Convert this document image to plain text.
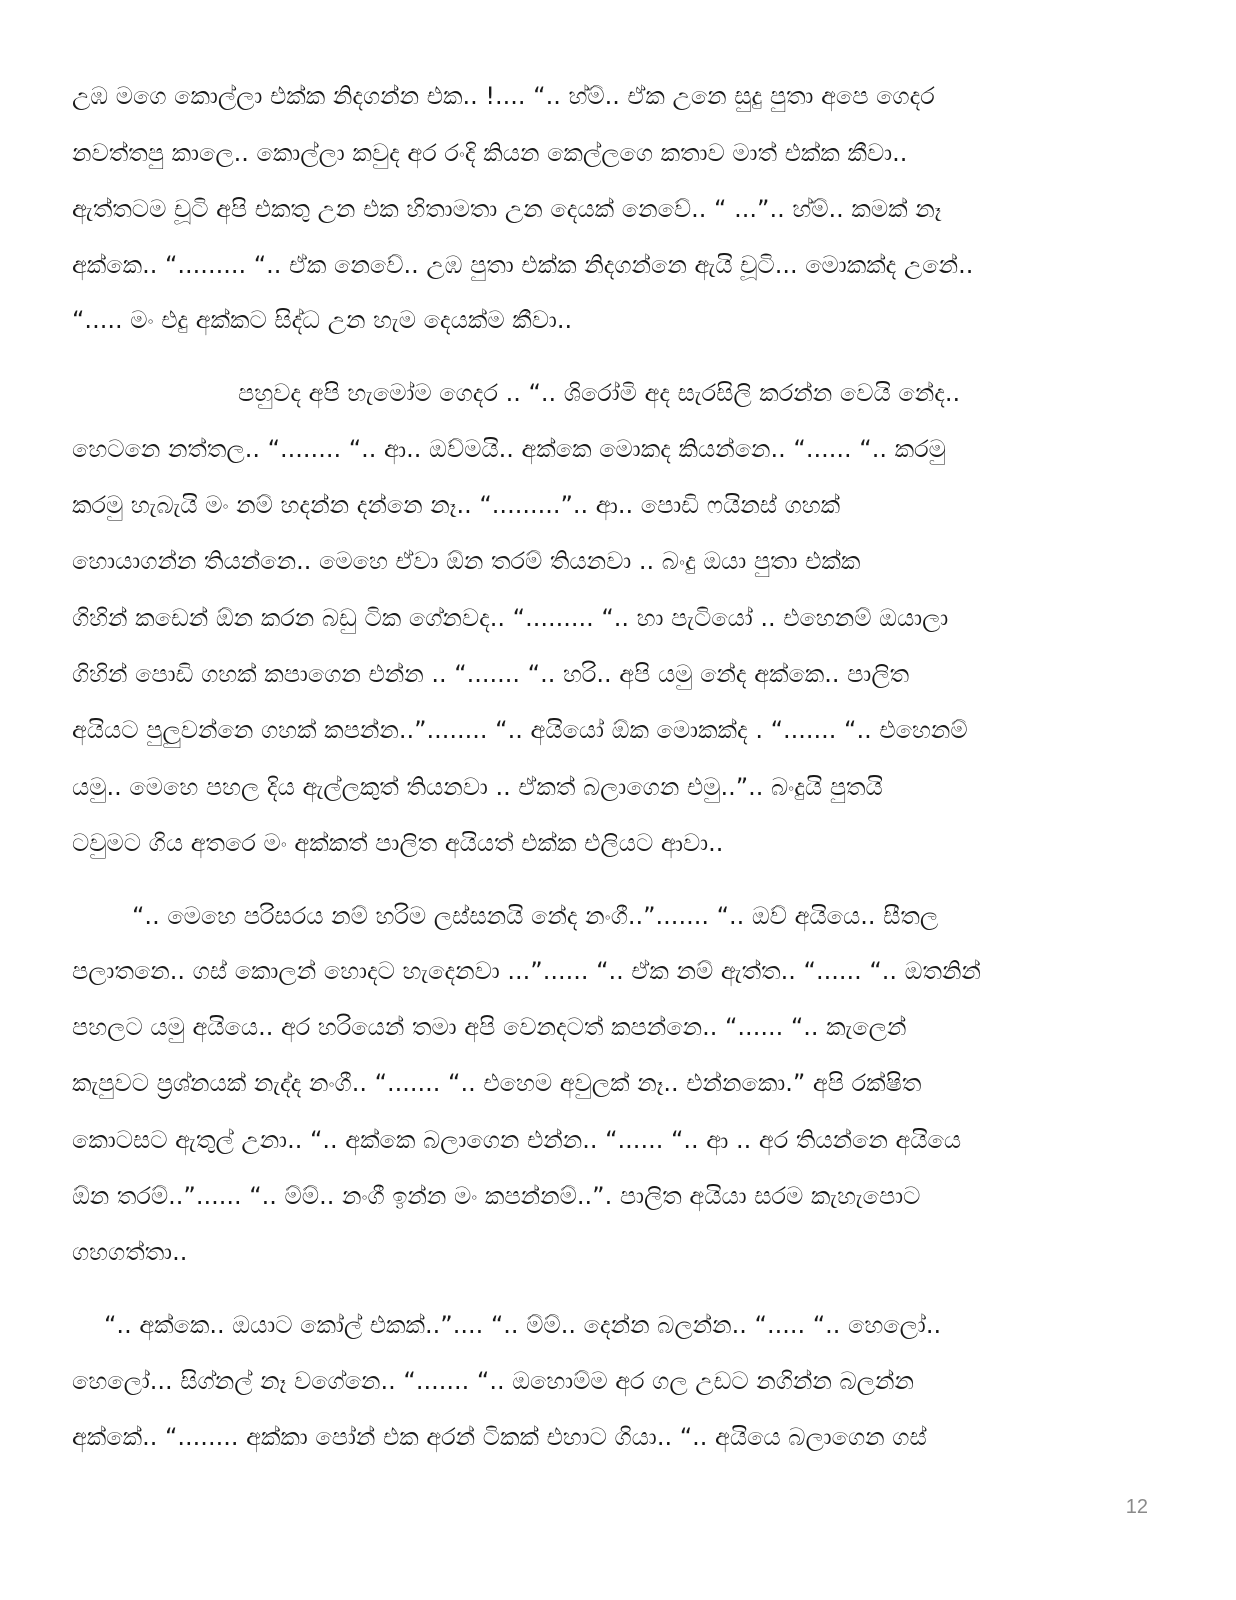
උඹ මගෙ කොල්ලා එක්ක නිදගන්න එක.. !.... “.. හ්ම්.. ඒක උනෙ සුදු පුතා අපෙ ගෙදර
නවත්තපු කාලෙ.. කොල්ලා කවුද අර රංදි කියන කෙල්ලගෙ කතාව මාත් එක්ක කීවා..
ඇත්තටම චූටි අපි එකතු උන එක හිතාමතා උන දෙයක් නෙවේ.. “ ...”.. හ්ම්.. කමක් නෑ
අක්කෙ.. “......... “.. ඒක නෙවේ.. උඹ පුතා එක්ක නිදගන්නෙ ඇයි චූටි... මොකක්ද උනේ..
“..... මං එදු අක්කට සිද්ධ උන හැම දෙයක්ම කීවා..
පහුවද අපි හැමෝම ගෙදර .. “.. ශිරෝමි අද සැරසිලි කරන්න වෙයි නේද..
හෙටනෙ නත්තල.. “........ “.. ආ.. ඔව්මයි.. අක්කෙ මොකද කියන්නෙ.. “...... “.. කරමු
කරමු හැබැයි මං නම් හදන්න දන්නෙ නෑ.. “.........”.. ආ.. පොඩි ෆයිනස් ගහක්
හොයාගන්න තියන්නෙ.. මෙහෙ ඒවා ඕන තරම් තියනවා .. බංදු ඔයා පුතා එක්ක
ගිහින් කඩෙන් ඕන කරන බඩු ටික ගේනවද.. “......... “.. හා පැටියෝ .. එහෙනම් ඔයාලා
ගිහින් පොඩි ගහක් කපාගෙන එන්න .. “....... “.. හරි.. අපි යමු නේද අක්කෙ.. පාලිත
අයියට පුලුවන්නෙ ගහක් කපන්න..”........ “.. අයියෝ ඕක මොකක්ද . “....... “.. එහෙනම්
යමු.. මෙහෙ පහල දිය ඇල්ලකුත් තියනවා .. ඒකත් බලාගෙන එමු..”.. බංදුයි පුතයි
ටවුමට ගිය අතරෙ මං අක්කත් පාලිත අයියත් එක්ක එලියට ආවා..
“.. මෙහෙ පරිසරය නම් හරිම ලස්සනයි නේද නංගී..”....... “.. ඔව් අයියෙ.. සීතල
පලාතනෙ.. ගස් කොලන් හොදට හැදෙනවා ...”...... “.. ඒක නම් ඇත්ත.. “...... “.. ඔතනින්
පහලට යමු අයියෙ.. අර හරියෙන් තමා අපි වෙනදටත් කපන්නෙ.. “...... “.. කැලෙන්
කැපුවට ප්‍රශ්නයක් නැද්ද නංගී.. “....... “.. එහෙම අවුලක් නෑ.. එන්නකො.” අපි රක්ෂිත
කොටසට ඇතුල් උනා.. “.. අක්කෙ බලාගෙන එන්න.. “...... “.. ආ .. අර තියන්නෙ අයියෙ
ඕන තරම්..”...... “.. ම්ම්.. නංගී ඉන්න මං කපන්නම්..”. පාලිත අයියා සරම කැහැපොට
ගහගත්තා..
“.. අක්කෙ.. ඔයාට කෝල් එකක්..”.... “.. ම්ම්.. දෙන්න බලන්න.. “..... “.. හෙලෝ..
හෙලෝ... සිග්නල් නෑ වගේනෙ.. “....... “.. ඔහොම්ම අර ගල උඩට නගින්න බලන්න
අක්කේ.. “........ අක්කා පෝන් එක අරන් ටිකක් එහාට ගියා.. “.. අයියෙ බලාගෙන ගස්
12
